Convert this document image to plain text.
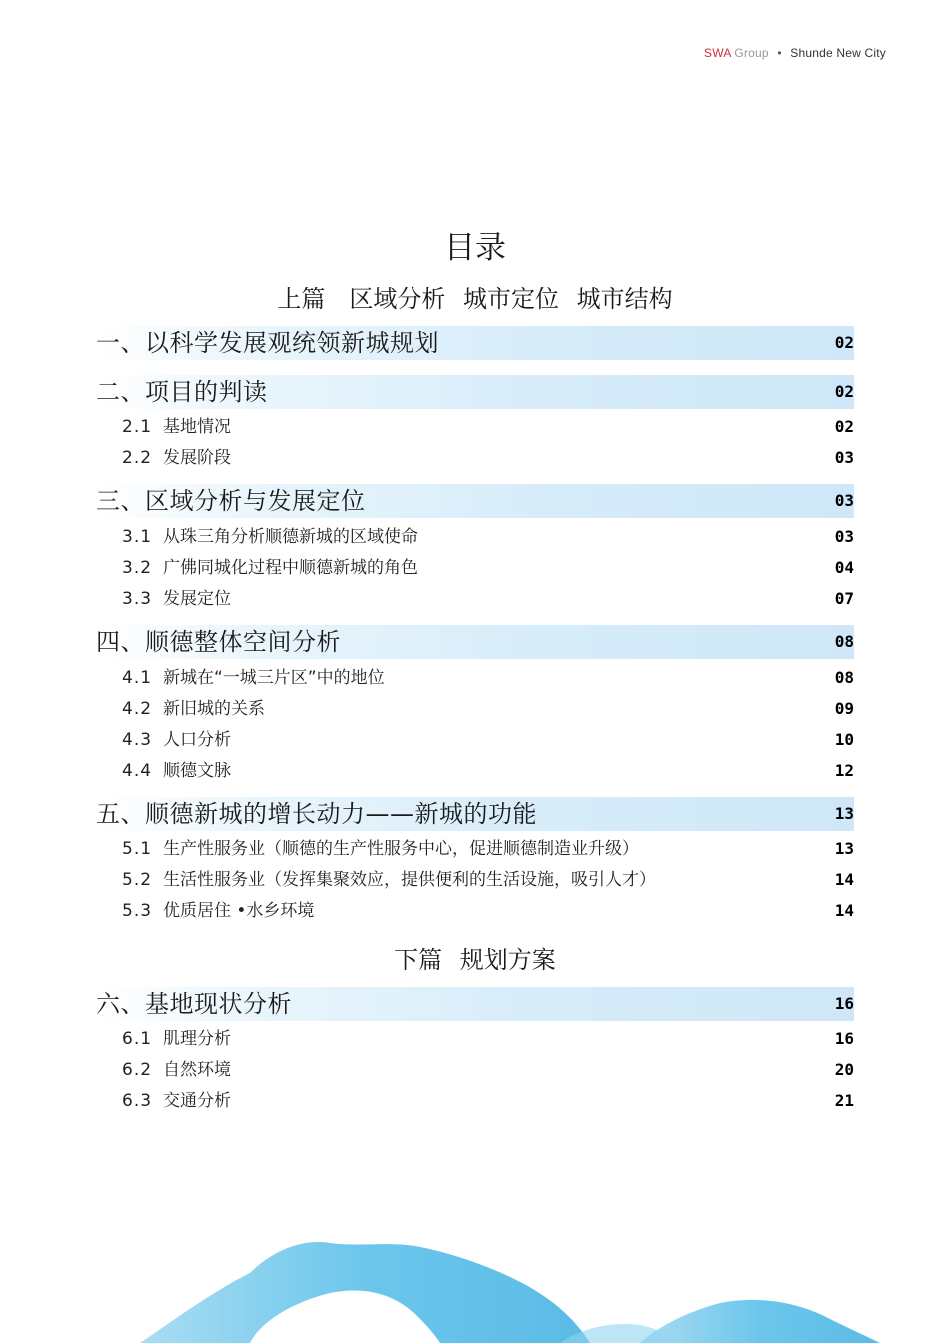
SWA Group • Shunde New City
目录
上篇 区域分析 城市定位 城市结构
一、以科学发展观统领新城规划	02
二、项目的判读	02
2.1 基地情况	02
2.2 发展阶段	03
三、区域分析与发展定位	03
3.1 从珠三角分析顺德新城的区域使命	03
3.2 广佛同城化过程中顺德新城的角色	04
3.3 发展定位	07
四、顺德整体空间分析	08
4.1 新城在“一城三片区”中的地位	08
4.2 新旧城的关系	09
4.3 人口分析	10
4.4 顺德文脉	12
五、顺德新城的增长动力——新城的功能	13
5.1 生产性服务业（顺德的生产性服务中心，促进顺德制造业升级）	13
5.2 生活性服务业（发挥集聚效应，提供便利的生活设施，吸引人才）	14
5.3 优质居住 •水乡环境	14
下篇 规划方案
六、基地现状分析	16
6.1 肌理分析	16
6.2 自然环境	20
6.3 交通分析	21
